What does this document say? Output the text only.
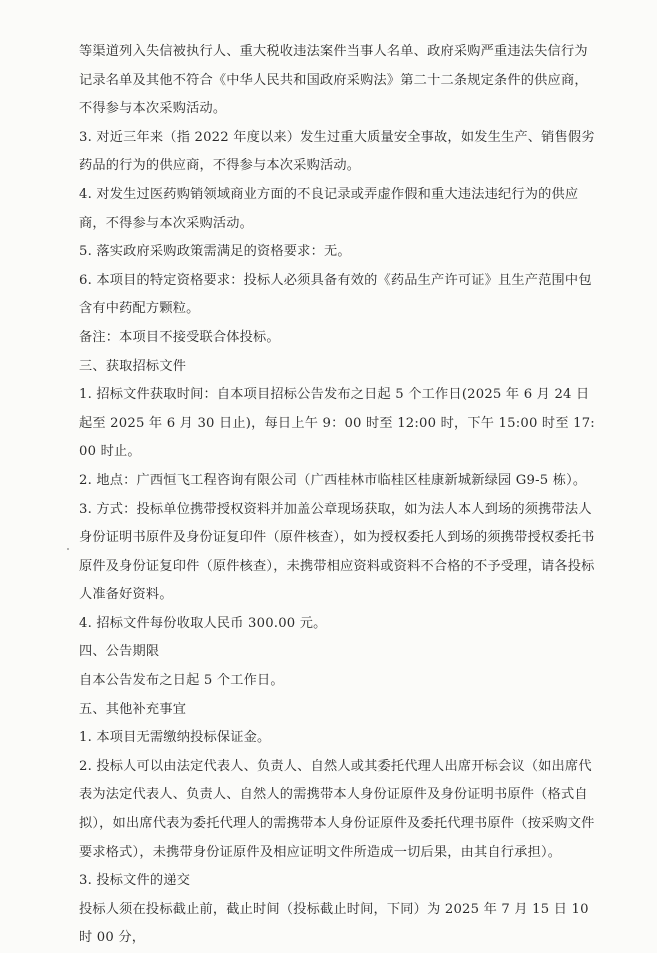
等渠道列入失信被执行人、重大税收违法案件当事人名单、政府采购严重违法失信行为记录名单及其他不符合《中华人民共和国政府采购法》第二十二条规定条件的供应商，不得参与本次采购活动。

3. 对近三年来（指 2022 年度以来）发生过重大质量安全事故，如发生生产、销售假劣药品的行为的供应商，不得参与本次采购活动。

4. 对发生过医药购销领域商业方面的不良记录或弄虚作假和重大违法违纪行为的供应商，不得参与本次采购活动。

5. 落实政府采购政策需满足的资格要求：无。

6. 本项目的特定资格要求：投标人必须具备有效的《药品生产许可证》且生产范围中包含有中药配方颗粒。

备注：本项目不接受联合体投标。

三、获取招标文件

1. 招标文件获取时间：自本项目招标公告发布之日起 5 个工作日(2025 年 6 月 24 日起至 2025 年 6 月 30 日止)，每日上午 9：00 时至 12:00 时，下午 15:00 时至 17:00 时止。

2. 地点：广西恒飞工程咨询有限公司（广西桂林市临桂区桂康新城新绿园 G9-5 栋）。

3. 方式：投标单位携带授权资料并加盖公章现场获取，如为法人本人到场的须携带法人身份证明书原件及身份证复印件（原件核查），如为授权委托人到场的须携带授权委托书原件及身份证复印件（原件核查），未携带相应资料或资料不合格的不予受理，请各投标人准备好资料。

4. 招标文件每份收取人民币 300.00 元。

四、公告期限

自本公告发布之日起 5 个工作日。

五、其他补充事宜

1. 本项目无需缴纳投标保证金。

2. 投标人可以由法定代表人、负责人、自然人或其委托代理人出席开标会议（如出席代表为法定代表人、负责人、自然人的需携带本人身份证原件及身份证明书原件（格式自拟），如出席代表为委托代理人的需携带本人身份证原件及委托代理书原件（按采购文件要求格式），未携带身份证原件及相应证明文件所造成一切后果，由其自行承担）。

3. 投标文件的递交

投标人须在投标截止前，截止时间（投标截止时间，下同）为 2025 年 7 月 15 日 10 时 00 分，
